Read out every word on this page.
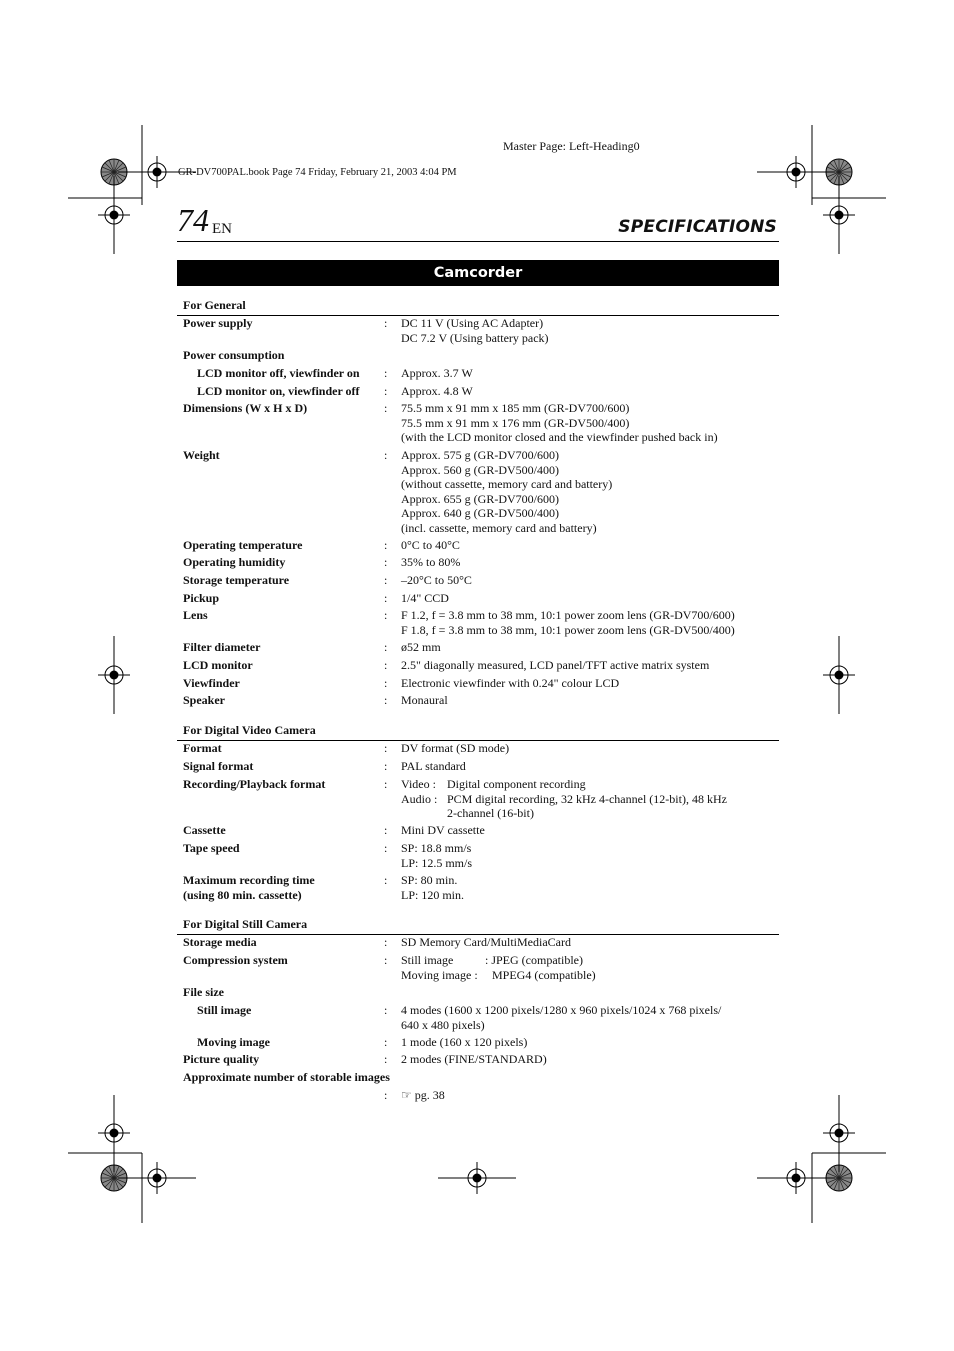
Master Page: Left-Heading0
GR-DV700PAL.book Page 74 Friday, February 21, 2003 4:04 PM
74 EN	SPECIFICATIONS
Camcorder
For General
Power supply	: DC 11 V (Using AC Adapter)
DC 7.2 V (Using battery pack)
Power consumption
LCD monitor off, viewfinder on : Approx. 3.7 W
LCD monitor on, viewfinder off : Approx. 4.8 W
Dimensions (W x H x D)	: 75.5 mm x 91 mm x 185 mm (GR-DV700/600)
75.5 mm x 91 mm x 176 mm (GR-DV500/400)
(with the LCD monitor closed and the viewfinder pushed back in)
Weight	: Approx. 575 g (GR-DV700/600)
Approx. 560 g (GR-DV500/400)
(without cassette, memory card and battery)
Approx. 655 g (GR-DV700/600)
Approx. 640 g (GR-DV500/400)
(incl. cassette, memory card and battery)
Operating temperature	: 0°C to 40°C
Operating humidity	: 35% to 80%
Storage temperature	: –20°C to 50°C
Pickup	: 1/4" CCD
Lens	: F 1.2, f = 3.8 mm to 38 mm, 10:1 power zoom lens (GR-DV700/600)
F 1.8, f = 3.8 mm to 38 mm, 10:1 power zoom lens (GR-DV500/400)
Filter diameter	: ø52 mm
LCD monitor	: 2.5" diagonally measured, LCD panel/TFT active matrix system
Viewfinder	: Electronic viewfinder with 0.24" colour LCD
Speaker	: Monaural
For Digital Video Camera
Format	: DV format (SD mode)
Signal format	: PAL standard
Recording/Playback format	: Video : Digital component recording
Audio : PCM digital recording, 32 kHz 4-channel (12-bit), 48 kHz
2-channel (16-bit)
Cassette	: Mini DV cassette
Tape speed	: SP: 18.8 mm/s
LP: 12.5 mm/s
Maximum recording time
(using 80 min. cassette)
: SP: 80 min.
LP: 120 min.
For Digital Still Camera
Storage media	: SD Memory Card/MultiMediaCard
Compression system	: Still image	: JPEG (compatible)
Moving image : MPEG4 (compatible)
File size
Still image	: 4 modes (1600 x 1200 pixels/1280 x 960 pixels/1024 x 768 pixels/
640 x 480 pixels)
Moving image	: 1 mode (160 x 120 pixels)
Picture quality	: 2 modes (FINE/STANDARD)
Approximate number of storable images
: ☞ pg. 38
